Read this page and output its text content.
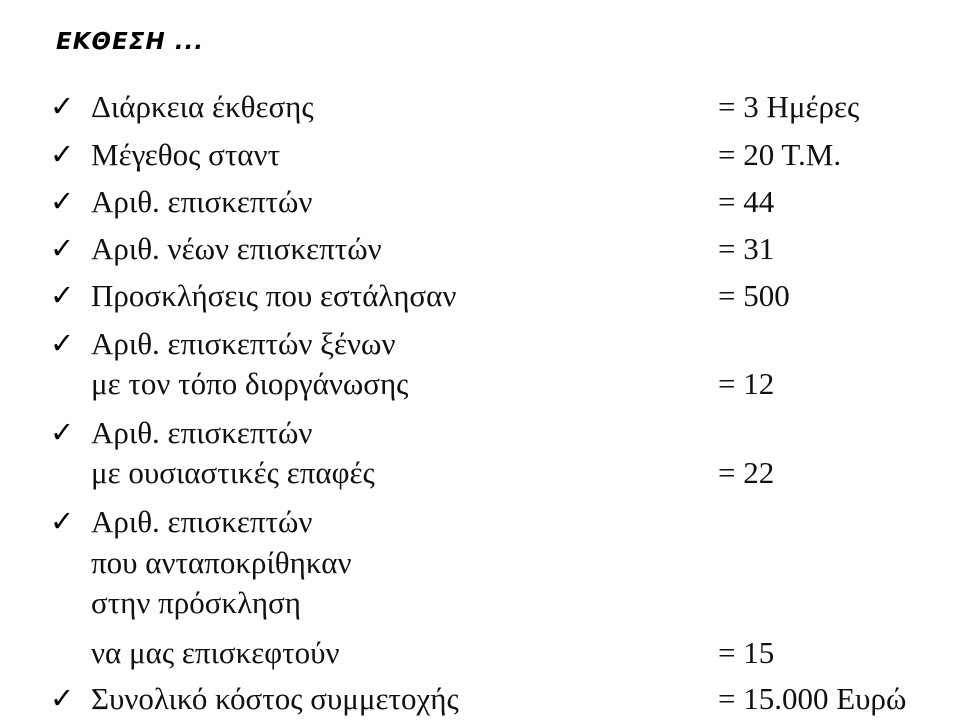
ΕΚΘΕΣΗ ...
✓ Διάρκεια έκθεσης	= 3 Ημέρες
✓ Μέγεθος σταντ	= 20 Τ.Μ.
✓ Αριθ. επισκεπτών	= 44
✓ Αριθ. νέων επισκεπτών	= 31
✓ Προσκλήσεις που εστάλησαν	= 500
✓ Αριθ. επισκεπτών ξένων
με τον τόπο διοργάνωσης	= 12
✓ Αριθ. επισκεπτών
με ουσιαστικές επαφές	= 22
✓ Αριθ. επισκεπτών
που ανταποκρίθηκαν
στην πρόσκληση
να μας επισκεφτούν	= 15
✓ Συνολικό κόστος συμμετοχής	= 15.000 Ευρώ
